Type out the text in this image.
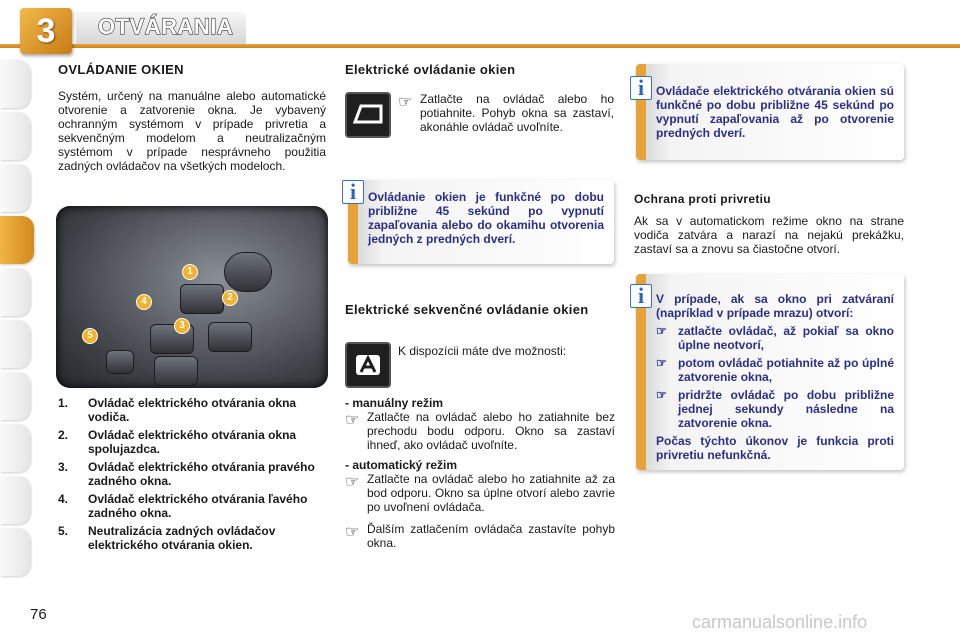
3	OTVÁRANIA
OVLÁDANIE OKIEN

Systém, určený na manuálne alebo automatické otvorenie a zatvorenie okna. Je vybavený ochranným systémom v prípade privretia a sekvenčným modelom a neutralizačným systémom v prípade nesprávneho použitia zadných ovládačov na všetkých modeloch.

1
2
3
4
5
1.	Ovládač elektrického otvárania okna vodiča.
2.	Ovládač elektrického otvárania okna spolujazdca.
3.	Ovládač elektrického otvárania pravého zadného okna.
4.	Ovládač elektrického otvárania ľavého zadného okna.
5.	Neutralizácia zadných ovládačov elektrického otvárania okien.
Elektrické ovládanie okien
☞ Zatlačte na ovládač alebo ho potiahnite. Pohyb okna sa zastaví, akonáhle ovládač uvoľníte.

Ovládanie okien je funkčné po dobu približne 45 sekúnd po vypnutí zapaľovania alebo do okamihu otvorenia jedných z predných dverí.
i
Elektrické sekvenčné ovládanie okien

K dispozícii máte dve možnosti:

- manuálny režim
☞ Zatlačte na ovládač alebo ho zatiahnite bez prechodu bodu odporu. Okno sa zastaví ihneď, ako ovládač uvoľníte.

- automatický režim
☞ Zatlačte na ovládač alebo ho zatiahnite až za bod odporu. Okno sa úplne otvorí alebo zavrie po uvoľnení ovládača.

☞ Ďalším zatlačením ovládača zastavíte pohyb okna.

Ovládače elektrického otvárania okien sú funkčné po dobu približne 45 sekúnd po vypnutí zapaľovania až po otvorenie predných dverí.
i
Ochrana proti privretiu

Ak sa v automatickom režime okno na strane vodiča zatvára a narazí na nejakú prekážku, zastaví sa a znovu sa čiastočne otvorí.

V prípade, ak sa okno pri zatváraní (napríklad v prípade mrazu) otvorí:
☞ zatlačte ovládač, až pokiaľ sa okno úplne neotvorí,
☞ potom ovládač potiahnite až po úplné zatvorenie okna,
☞ pridržte ovládač po dobu približne jednej sekundy následne na zatvorenie okna.
Počas týchto úkonov je funkcia proti privretiu nefunkčná.
i
76	carmanualsonline.info
